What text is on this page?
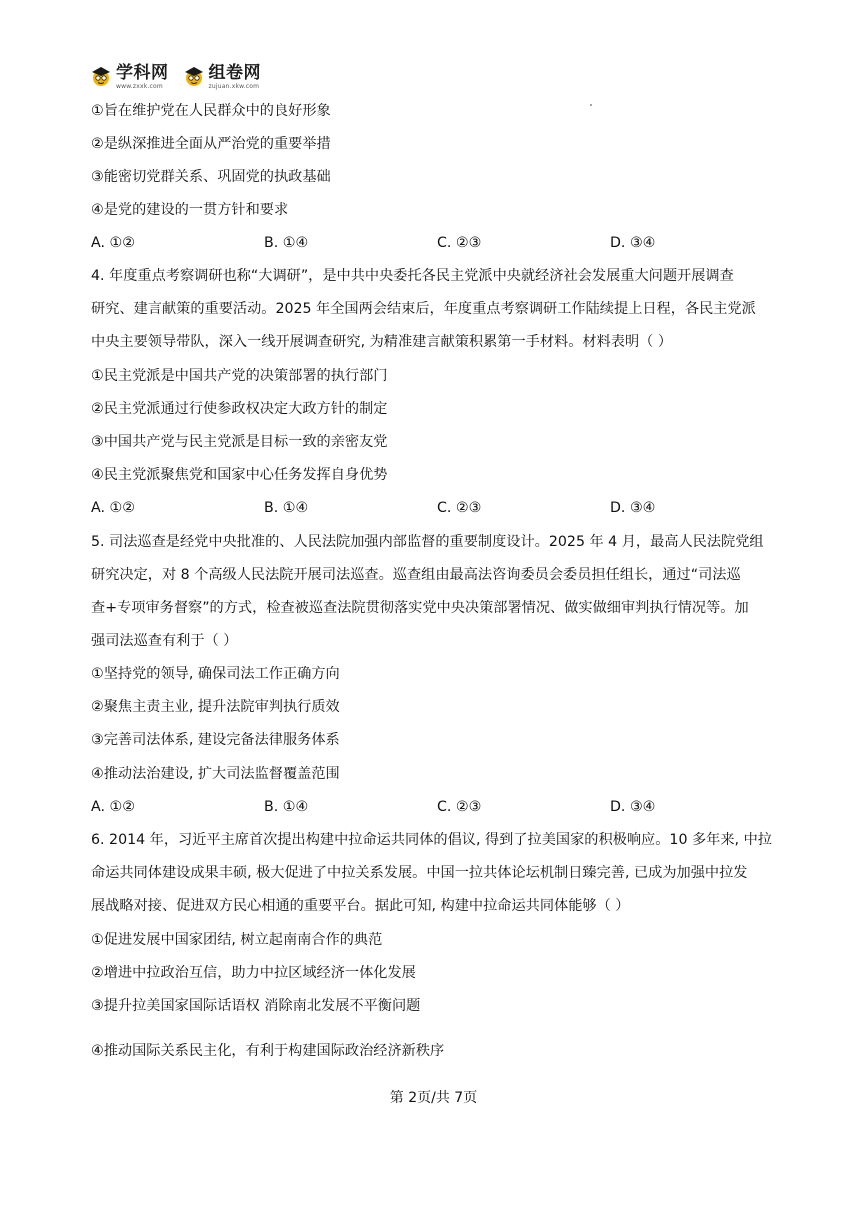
学科网
www.zxxk.com
组卷网
zujuan.xkw.com
①旨在维护党在人民群众中的良好形象
②是纵深推进全面从严治党的重要举措
③能密切党群关系、巩固党的执政基础
④是党的建设的一贯方针和要求
A. ①②	B. ①④	C. ②③	D. ③④
4. 年度重点考察调研也称“大调研”，是中共中央委托各民主党派中央就经济社会发展重大问题开展调查
研究、建言献策的重要活动。2025 年全国两会结束后，年度重点考察调研工作陆续提上日程，各民主党派
中央主要领导带队，深入一线开展调查研究, 为精准建言献策积累第一手材料。材料表明（ ）
①民主党派是中国共产党的决策部署的执行部门
②民主党派通过行使参政权决定大政方针的制定
③中国共产党与民主党派是目标一致的亲密友党
④民主党派聚焦党和国家中心任务发挥自身优势
A. ①②	B. ①④	C. ②③	D. ③④
5. 司法巡查是经党中央批准的、人民法院加强内部监督的重要制度设计。2025 年 4 月，最高人民法院党组
研究决定，对 8 个高级人民法院开展司法巡查。巡查组由最高法咨询委员会委员担任组长，通过“司法巡
查+专项审务督察”的方式，检查被巡查法院贯彻落实党中央决策部署情况、做实做细审判执行情况等。加
强司法巡查有利于（ ）
①坚持党的领导, 确保司法工作正确方向
②聚焦主责主业, 提升法院审判执行质效
③完善司法体系, 建设完备法律服务体系
④推动法治建设, 扩大司法监督覆盖范围
A. ①②	B. ①④	C. ②③	D. ③④
6. 2014 年，习近平主席首次提出构建中拉命运共同体的倡议, 得到了拉美国家的积极响应。10 多年来, 中拉
命运共同体建设成果丰硕, 极大促进了中拉关系发展。中国一拉共体论坛机制日臻完善, 已成为加强中拉发
展战略对接、促进双方民心相通的重要平台。据此可知, 构建中拉命运共同体能够（ ）
①促进发展中国家团结, 树立起南南合作的典范
②增进中拉政治互信，助力中拉区域经济一体化发展
③提升拉美国家国际话语权 消除南北发展不平衡问题
④推动国际关系民主化，有利于构建国际政治经济新秩序
第 2页/共 7页
